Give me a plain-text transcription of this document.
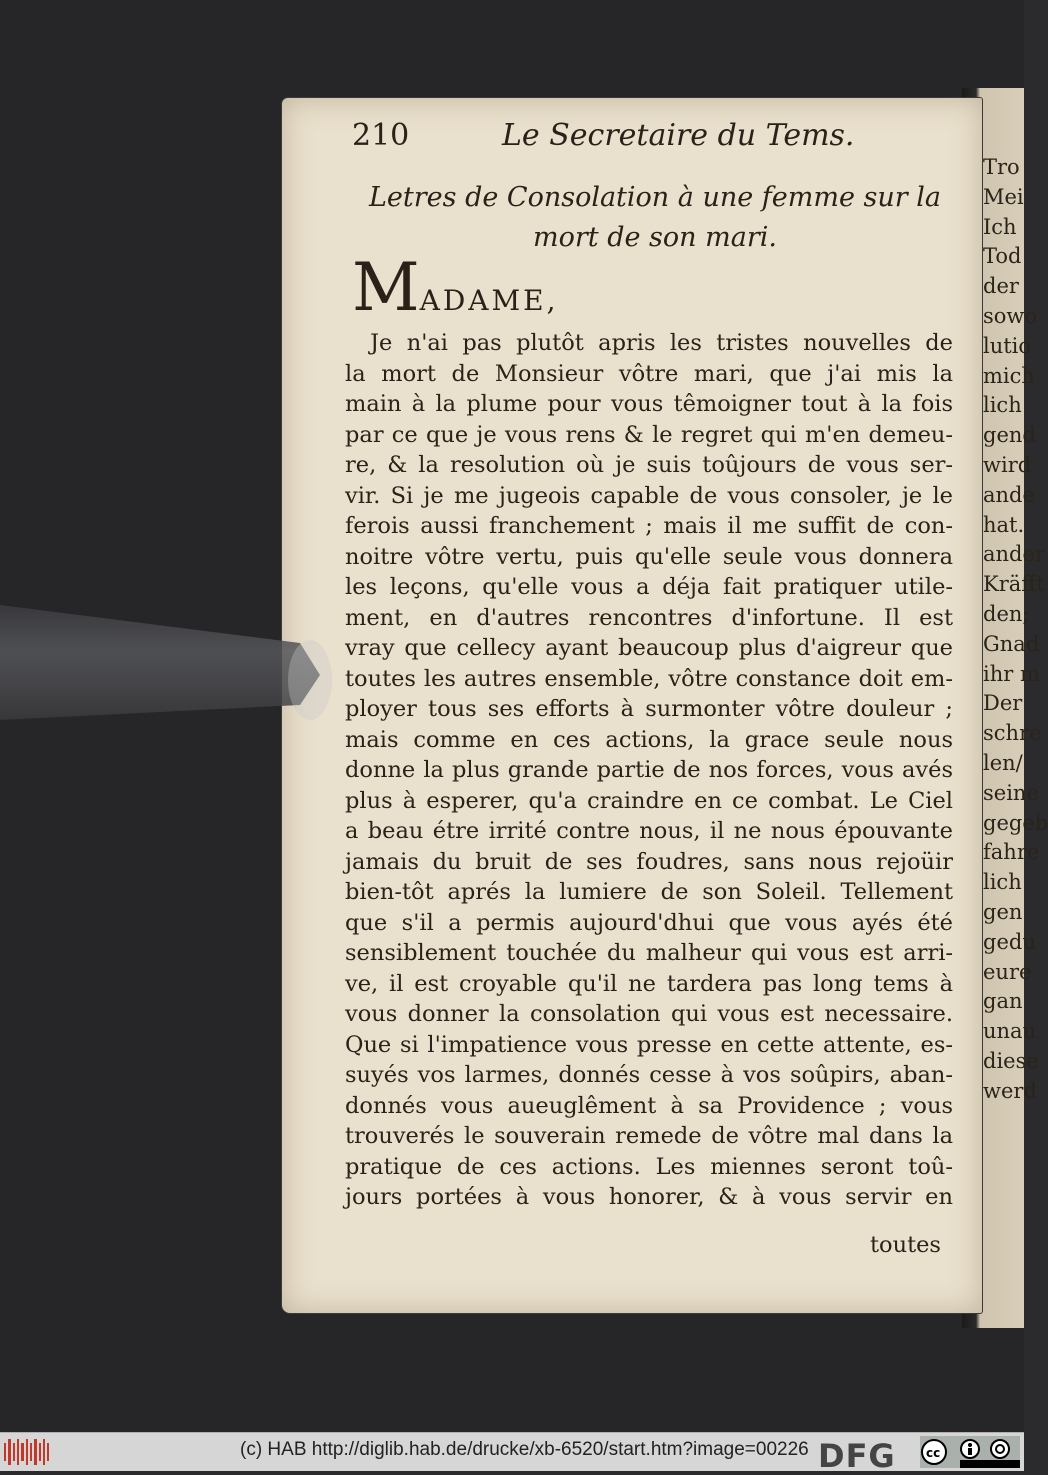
Tro
Mei
Ich
Tod
der
sowo
lutio
mich
lich
gend
wird
ande
hat.
ander
Kräfft
den;
Gnad
ihr m
Der
schre
len/
seine
gegeb
fahre
lich
gen
gedu
eure
gan
unau
diese
werd
210	Le Secretaire du Tems.
Letres de Consolation à une femme sur la
mort de son mari.
MADAME,
Je n'ai pas plutôt apris les tristes nouvelles de
la mort de Monsieur vôtre mari, que j'ai mis la
main à la plume pour vous têmoigner tout à la fois
par ce que je vous rens & le regret qui m'en demeu-
re, & la resolution où je suis toûjours de vous ser-
vir. Si je me jugeois capable de vous consoler, je le
ferois aussi franchement ; mais il me suffit de con-
noitre vôtre vertu, puis qu'elle seule vous donnera
les leçons, qu'elle vous a déja fait pratiquer utile-
ment, en d'autres rencontres d'infortune. Il est
vray que cellecy ayant beaucoup plus d'aigreur que
toutes les autres ensemble, vôtre constance doit em-
ployer tous ses efforts à surmonter vôtre douleur ;
mais comme en ces actions, la grace seule nous
donne la plus grande partie de nos forces, vous avés
plus à esperer, qu'a craindre en ce combat. Le Ciel
a beau étre irrité contre nous, il ne nous épouvante
jamais du bruit de ses foudres, sans nous rejoüir
bien-tôt aprés la lumiere de son Soleil. Tellement
que s'il a permis aujourd'dhui que vous ayés été
sensiblement touchée du malheur qui vous est arri-
ve, il est croyable qu'il ne tardera pas long tems à
vous donner la consolation qui vous est necessaire.
Que si l'impatience vous presse en cette attente, es-
suyés vos larmes, donnés cesse à vos soûpirs, aban-
donnés vous aueuglêment à sa Providence ; vous
trouverés le souverain remede de vôtre mal dans la
pratique de ces actions. Les miennes seront toû-
jours portées à vous honorer, & à vous servir en
toutes
(c) HAB http://diglib.hab.de/drucke/xb-6520/start.htm?image=00226 DFG	cc
